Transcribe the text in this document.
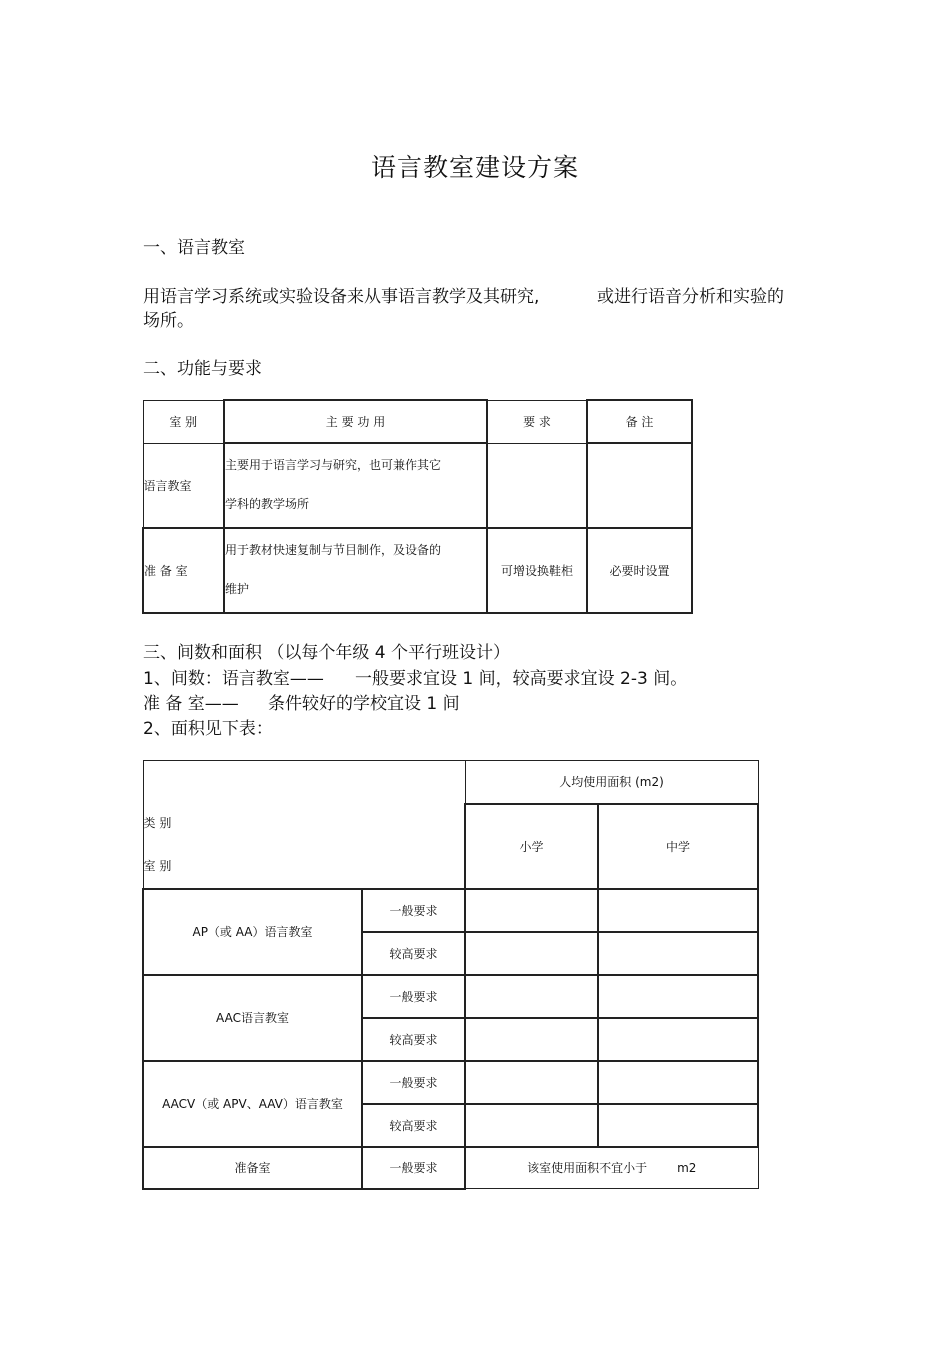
语言教室建设方案
一、语言教室
用语言学习系统或实验设备来从事语言教学及其研究,	或进行语音分析和实验的
场所。
二、功能与要求
室 别	主 要 功 用	要 求	备 注
语言教室	主要用于语言学习与研究，也可兼作其它
学科的教学场所		

准 备 室	用于教材快速复制与节目制作，及设备的
维护	可增设换鞋柜	必要时设置
三、间数和面积 （以每个年级 4 个平行班设计）
1、间数：语言教室—— 一般要求宜设 1 间，较高要求宜设 2-3 间。
准 备 室—— 条件较好的学校宜设 1 间
2、面积见下表：
类 别
室 别		人均使用面积 (m2)	
		小学	中学
AP（或 AA）语言教室	一般要求		
	较高要求		
AAC语言教室	一般要求		
	较高要求		
AACV（或 APV、AAV）语言教室	一般要求		
	较高要求		
准备室	一般要求	该室使用面积不宜小于 m2	
